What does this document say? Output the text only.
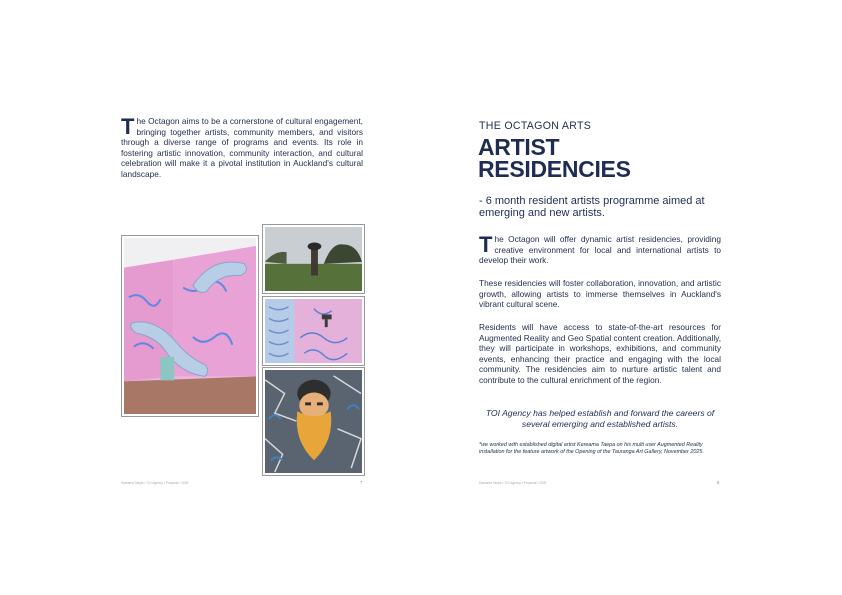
The Octagon aims to be a cornerstone of cultural engagement, bringing together artists, community members, and visitors through a diverse range of programs and events. Its role in fostering artistic innovation, community interaction, and cultural celebration will make it a pivotal institution in Auckland's cultural landscape.
Kareama Taepa • TOI Agency • Proposal • 2025	7
THE OCTAGON ARTS
ARTIST
RESIDENCIES
- 6 month resident artists programme aimed at emerging and new artists.
The Octagon will offer dynamic artist residencies, providing creative environment for local and international artists to develop their work.
These residencies will foster collaboration, innovation, and artistic growth, allowing artists to immerse themselves in Auckland's vibrant cultural scene.
Residents will have access to state-of-the-art resources for Augmented Reality and Geo Spatial content creation. Additionally, they will participate in workshops, exhibitions, and community events, enhancing their practice and engaging with the local community. The residencies aim to nurture artistic talent and contribute to the cultural enrichment of the region.
TOI Agency has helped establish and forward the careers of several emerging and established artists.
*we worked with established digital artist Kereama Taepa on his multi user Augmented Reality installation for the feature artwork of the Opening of the Tauranga Art Gallery, November 2025.
Kareama Taepa • TOI Agency • Proposal • 2025	8
